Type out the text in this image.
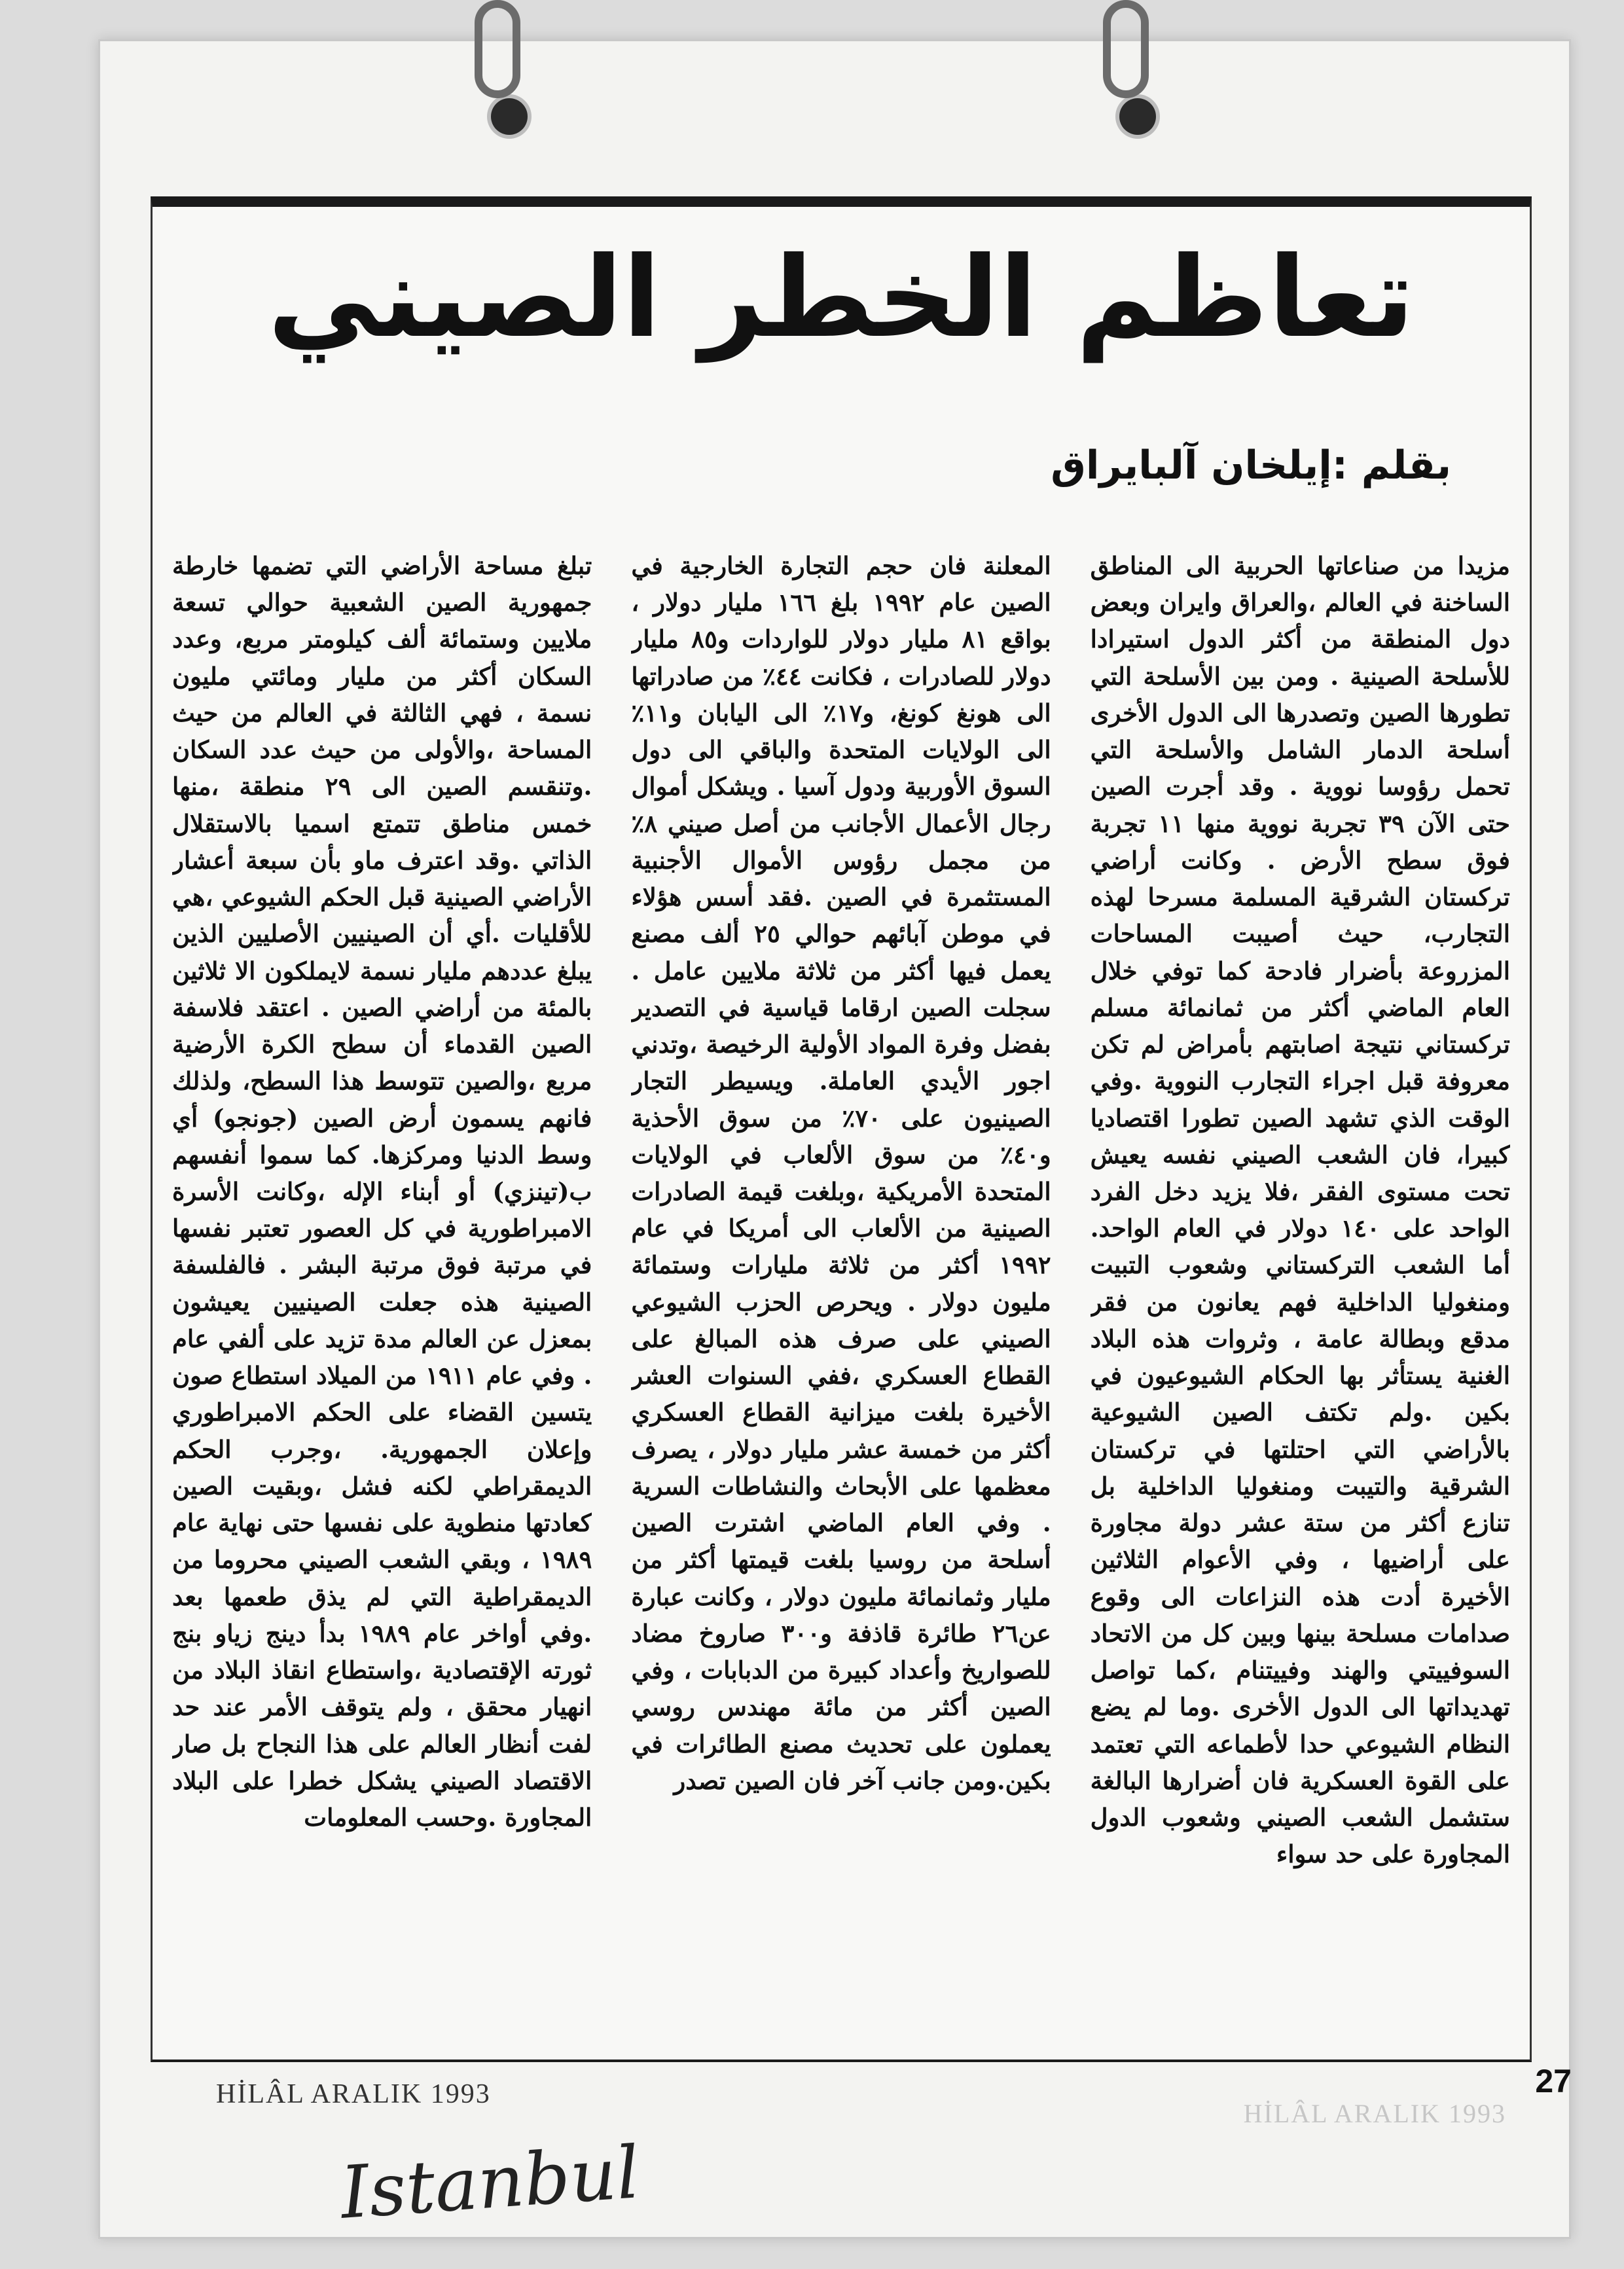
تعاظم الخطر الصيني
بقلم :إيلخان آلبايراق
تبلغ مساحة الأراضي التي تضمها خارطة جمهورية الصين الشعبية حوالي تسعة ملايين وستمائة ألف كيلومتر مربع، وعدد السكان أكثر من مليار ومائتي مليون نسمة ، فهي الثالثة في العالم من حيث المساحة ،والأولى من حيث عدد السكان .وتنقسم الصين الى ٢٩ منطقة ،منها خمس مناطق تتمتع اسميا بالاستقلال الذاتي .وقد اعترف ماو بأن سبعة أعشار الأراضي الصينية قبل الحكم الشيوعي ،هي للأقليات .أي أن الصينيين الأصليين الذين يبلغ عددهم مليار نسمة لايملكون الا ثلاثين بالمئة من أراضي الصين . اعتقد فلاسفة الصين القدماء أن سطح الكرة الأرضية مربع ،والصين تتوسط هذا السطح، ولذلك فانهم يسمون أرض الصين (جونجو) أي وسط الدنيا ومركزها. كما سموا أنفسهم ب(تينزي) أو أبناء الإله ،وكانت الأسرة الامبراطورية في كل العصور تعتبر نفسها في مرتبة فوق مرتبة البشر . فالفلسفة الصينية هذه جعلت الصينيين يعيشون بمعزل عن العالم مدة تزيد على ألفي عام . وفي عام ١٩١١ من الميلاد استطاع صون يتسين القضاء على الحكم الامبراطوري وإعلان الجمهورية. ،وجرب الحكم الديمقراطي لكنه فشل ،وبقيت الصين كعادتها منطوية على نفسها حتى نهاية عام ١٩٨٩ ، وبقي الشعب الصيني محروما من الديمقراطية التي لم يذق طعمها بعد .وفي أواخر عام ١٩٨٩ بدأ دينج زياو بنج ثورته الإقتصادية ،واستطاع انقاذ البلاد من انهيار محقق ، ولم يتوقف الأمر عند حد لفت أنظار العالم على هذا النجاح بل صار الاقتصاد الصيني يشكل خطرا على البلاد المجاورة .وحسب المعلومات
المعلنة فان حجم التجارة الخارجية في الصين عام ١٩٩٢ بلغ ١٦٦ مليار دولار ، بواقع ٨١ مليار دولار للواردات و٨٥ مليار دولار للصادرات ، فكانت ٤٤٪ من صادراتها الى هونغ كونغ، و١٧٪ الى اليابان و١١٪ الى الولايات المتحدة والباقي الى دول السوق الأوربية ودول آسيا . ويشكل أموال رجال الأعمال الأجانب من أصل صيني ٨٪ من مجمل رؤوس الأموال الأجنبية المستثمرة في الصين .فقد أسس هؤلاء في موطن آبائهم حوالي ٢٥ ألف مصنع يعمل فيها أكثر من ثلاثة ملايين عامل . سجلت الصين ارقاما قياسية في التصدير بفضل وفرة المواد الأولية الرخيصة ،وتدني اجور الأيدي العاملة. ويسيطر التجار الصينيون على ٧٠٪ من سوق الأحذية و٤٠٪ من سوق الألعاب في الولايات المتحدة الأمريكية ،وبلغت قيمة الصادرات الصينية من الألعاب الى أمريكا في عام ١٩٩٢ أكثر من ثلاثة مليارات وستمائة مليون دولار . ويحرص الحزب الشيوعي الصيني على صرف هذه المبالغ على القطاع العسكري ،ففي السنوات العشر الأخيرة بلغت ميزانية القطاع العسكري أكثر من خمسة عشر مليار دولار ، يصرف معظمها على الأبحاث والنشاطات السرية . وفي العام الماضي اشترت الصين أسلحة من روسيا بلغت قيمتها أكثر من مليار وثمانمائة مليون دولار ، وكانت عبارة عن٢٦ طائرة قاذفة و٣٠٠ صاروخ مضاد للصواريخ وأعداد كبيرة من الدبابات ، وفي الصين أكثر من مائة مهندس روسي يعملون على تحديث مصنع الطائرات في بكين.ومن جانب آخر فان الصين تصدر
مزيدا من صناعاتها الحربية الى المناطق الساخنة في العالم ،والعراق وايران وبعض دول المنطقة من أكثر الدول استيرادا للأسلحة الصينية . ومن بين الأسلحة التي تطورها الصين وتصدرها الى الدول الأخرى أسلحة الدمار الشامل والأسلحة التي تحمل رؤوسا نووية . وقد أجرت الصين حتى الآن ٣٩ تجربة نووية منها ١١ تجربة فوق سطح الأرض . وكانت أراضي تركستان الشرقية المسلمة مسرحا لهذه التجارب، حيث أصيبت المساحات المزروعة بأضرار فادحة كما توفي خلال العام الماضي أكثر من ثمانمائة مسلم تركستاني نتيجة اصابتهم بأمراض لم تكن معروفة قبل اجراء التجارب النووية .وفي الوقت الذي تشهد الصين تطورا اقتصاديا كبيرا، فان الشعب الصيني نفسه يعيش تحت مستوى الفقر ،فلا يزيد دخل الفرد الواحد على ١٤٠ دولار في العام الواحد. أما الشعب التركستاني وشعوب التبيت ومنغوليا الداخلية فهم يعانون من فقر مدقع وبطالة عامة ، وثروات هذه البلاد الغنية يستأثر بها الحكام الشيوعيون في بكين .ولم تكتف الصين الشيوعية بالأراضي التي احتلتها في تركستان الشرقية والتيبت ومنغوليا الداخلية بل تنازع أكثر من ستة عشر دولة مجاورة على أراضيها ، وفي الأعوام الثلاثين الأخيرة أدت هذه النزاعات الى وقوع صدامات مسلحة بينها وبين كل من الاتحاد السوفييتي والهند وفييتنام ،كما تواصل تهديداتها الى الدول الأخرى .وما لم يضع النظام الشيوعي حدا لأطماعه التي تعتمد على القوة العسكرية فان أضرارها البالغة ستشمل الشعب الصيني وشعوب الدول المجاورة على حد سواء
27
HİLÂL ARALIK 1993
HİLÂL ARALIK 1993
Istanbul
